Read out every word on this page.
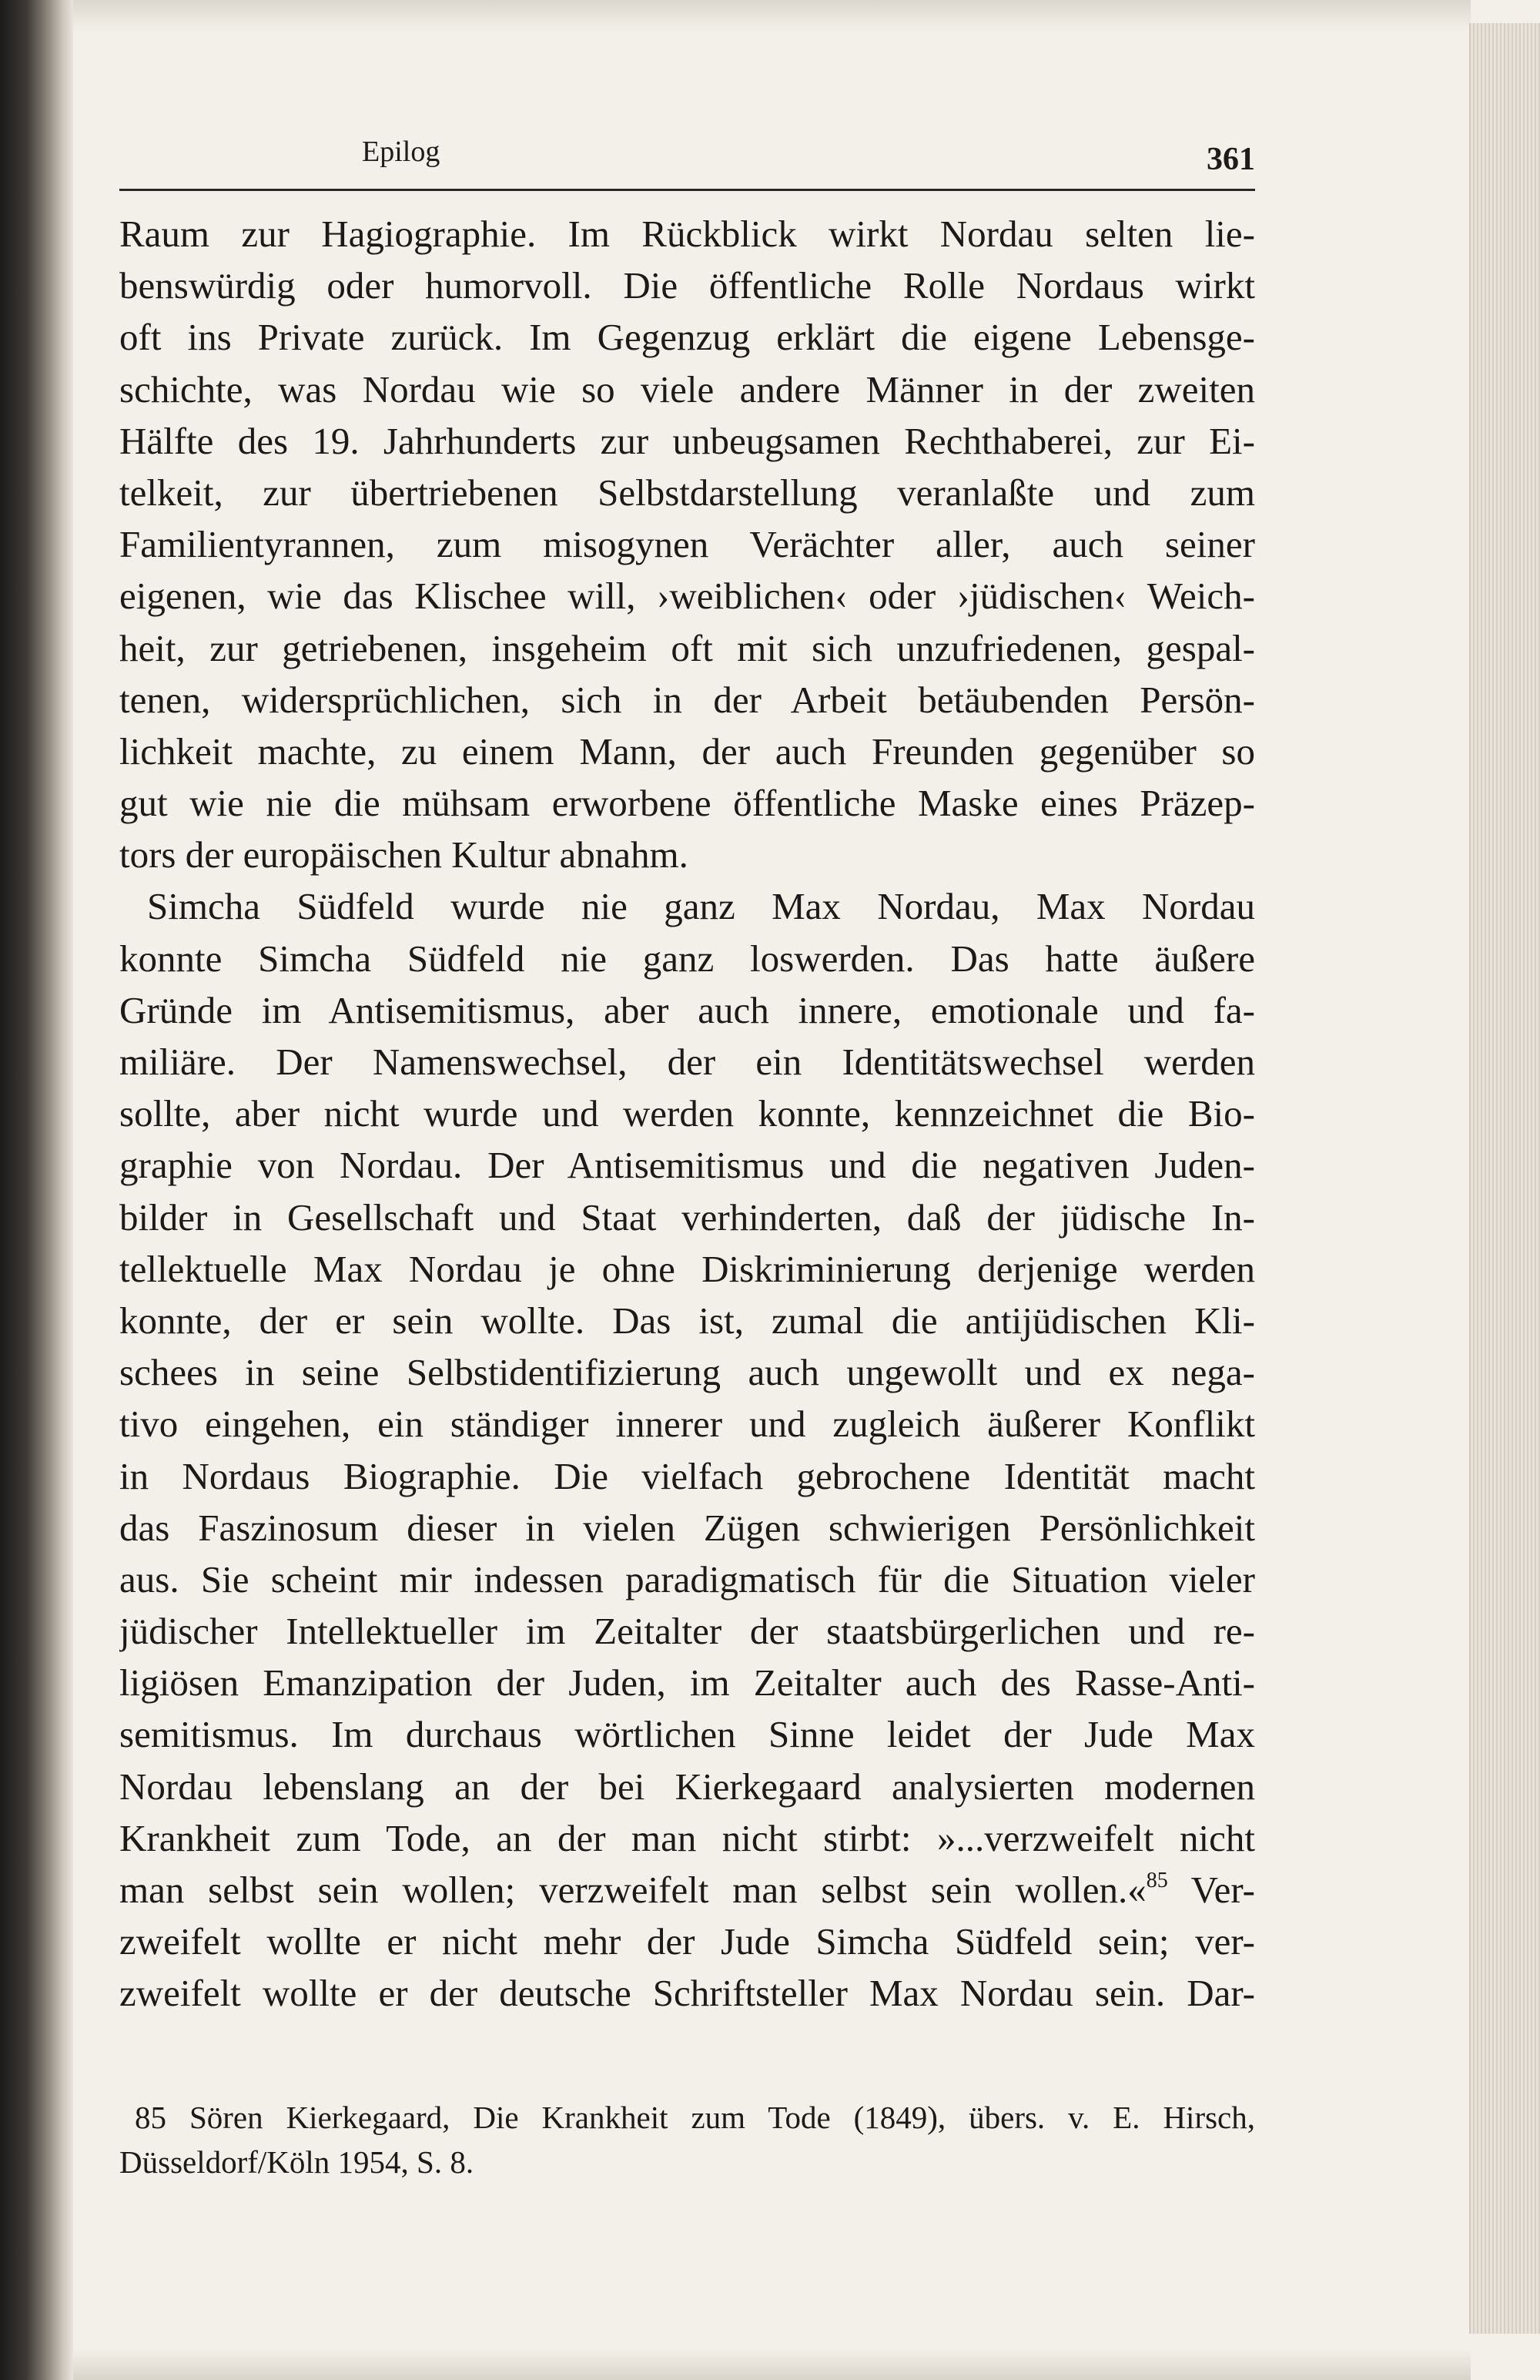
Epilog	361
Raum zur Hagiographie. Im Rückblick wirkt Nordau selten lie-
benswürdig oder humorvoll. Die öffentliche Rolle Nordaus wirkt
oft ins Private zurück. Im Gegenzug erklärt die eigene Lebensge-
schichte, was Nordau wie so viele andere Männer in der zweiten
Hälfte des 19. Jahrhunderts zur unbeugsamen Rechthaberei, zur Ei-
telkeit, zur übertriebenen Selbstdarstellung veranlaßte und zum
Familientyrannen, zum misogynen Verächter aller, auch seiner
eigenen, wie das Klischee will, ›weiblichen‹ oder ›jüdischen‹ Weich-
heit, zur getriebenen, insgeheim oft mit sich unzufriedenen, gespal-
tenen, widersprüchlichen, sich in der Arbeit betäubenden Persön-
lichkeit machte, zu einem Mann, der auch Freunden gegenüber so
gut wie nie die mühsam erworbene öffentliche Maske eines Präzep-
tors der europäischen Kultur abnahm.
Simcha Südfeld wurde nie ganz Max Nordau, Max Nordau
konnte Simcha Südfeld nie ganz loswerden. Das hatte äußere
Gründe im Antisemitismus, aber auch innere, emotionale und fa-
miliäre. Der Namenswechsel, der ein Identitätswechsel werden
sollte, aber nicht wurde und werden konnte, kennzeichnet die Bio-
graphie von Nordau. Der Antisemitismus und die negativen Juden-
bilder in Gesellschaft und Staat verhinderten, daß der jüdische In-
tellektuelle Max Nordau je ohne Diskriminierung derjenige werden
konnte, der er sein wollte. Das ist, zumal die antijüdischen Kli-
schees in seine Selbstidentifizierung auch ungewollt und ex nega-
tivo eingehen, ein ständiger innerer und zugleich äußerer Konflikt
in Nordaus Biographie. Die vielfach gebrochene Identität macht
das Faszinosum dieser in vielen Zügen schwierigen Persönlichkeit
aus. Sie scheint mir indessen paradigmatisch für die Situation vieler
jüdischer Intellektueller im Zeitalter der staatsbürgerlichen und re-
ligiösen Emanzipation der Juden, im Zeitalter auch des Rasse-Anti-
semitismus. Im durchaus wörtlichen Sinne leidet der Jude Max
Nordau lebenslang an der bei Kierkegaard analysierten modernen
Krankheit zum Tode, an der man nicht stirbt: »...verzweifelt nicht
man selbst sein wollen; verzweifelt man selbst sein wollen.«$^{85}$ Ver-
zweifelt wollte er nicht mehr der Jude Simcha Südfeld sein; ver-
zweifelt wollte er der deutsche Schriftsteller Max Nordau sein. Dar-
85 Sören Kierkegaard, Die Krankheit zum Tode (1849), übers. v. E. Hirsch,
Düsseldorf/Köln 1954, S. 8.
